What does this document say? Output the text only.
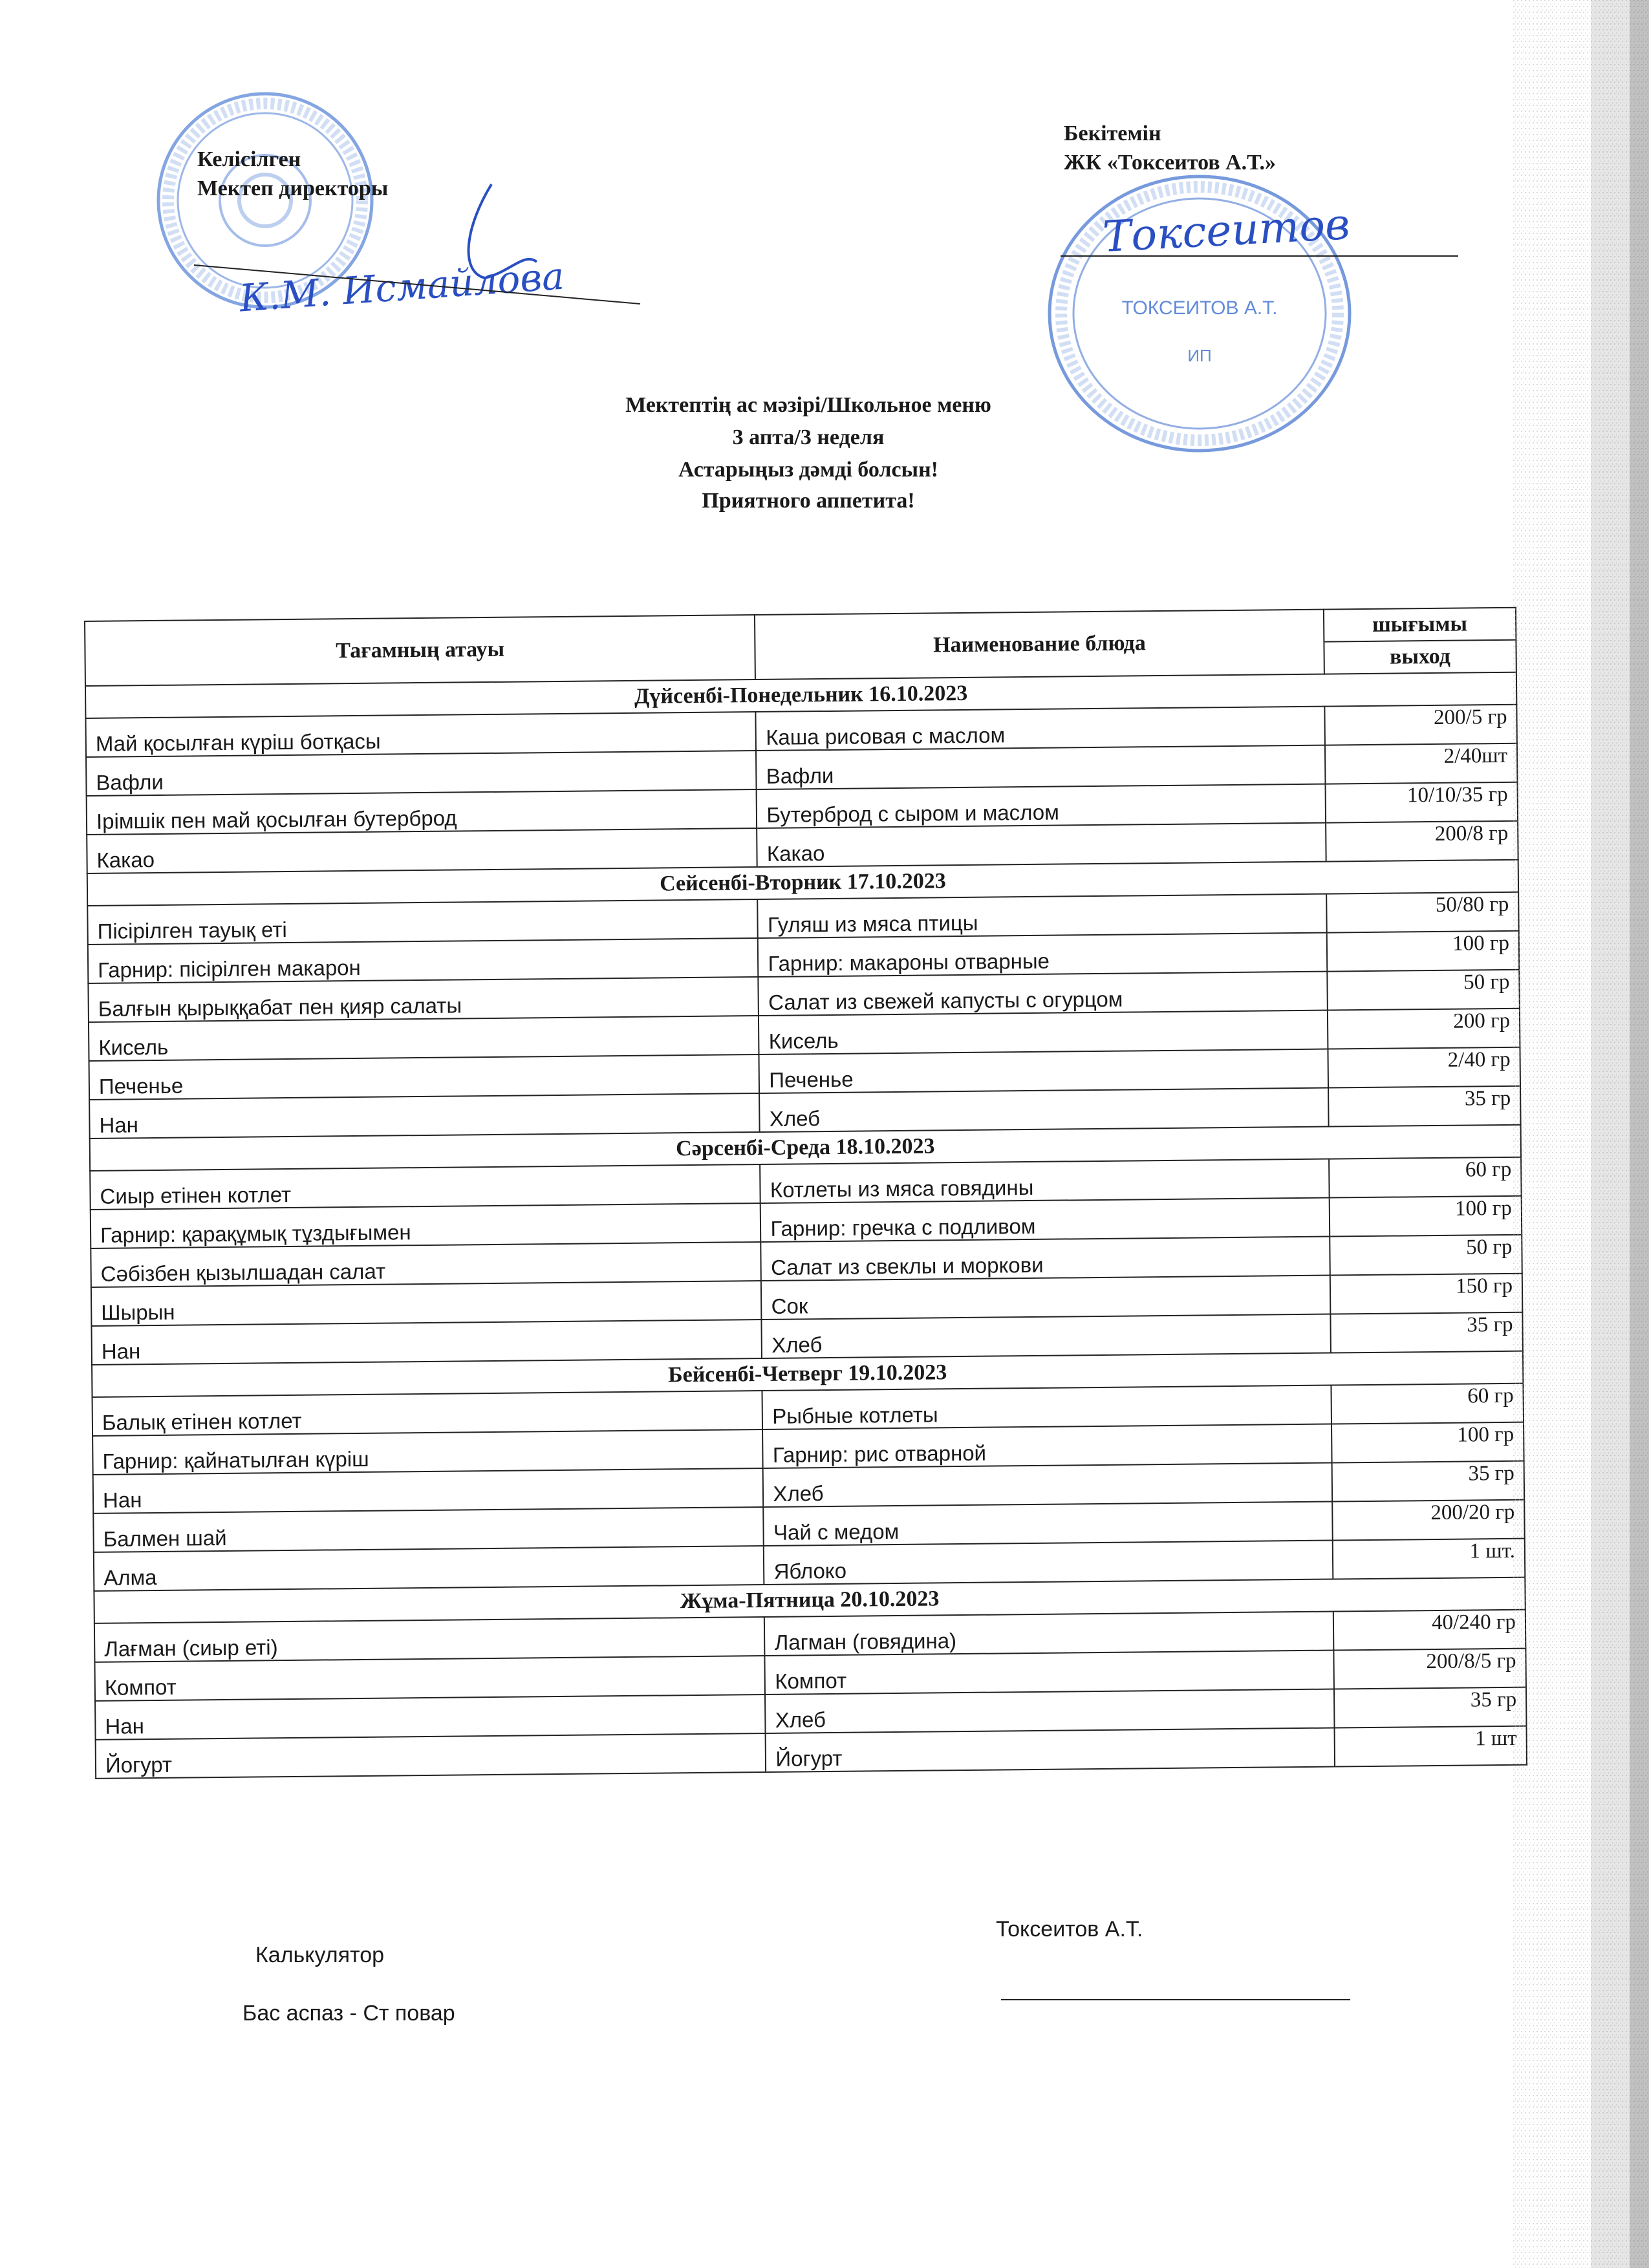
ТОКСЕИТОВ А.Т.
ИП
Келісілген
Мектеп директоры
К.М. Исмайлова
Бекітемін
ЖК «Токсеитов А.Т.»
Токсеитов
Мектептің ас мәзірі/Школьное меню
3 апта/3 неделя
Астарыңыз дәмді болсын!
Приятного аппетита!
Тағамның атауы	Наименование блюда	шығымы
выход

Дүйсенбі-Понедельник 16.10.2023		
Май қосылған күріш ботқасы	Каша рисовая с маслом	200/5 гр
Вафли	Вафли	2/40шт
Ірімшік пен май қосылған бутерброд	Бутерброд с сыром и маслом	10/10/35 гр
Какао	Какао	200/8 гр
Сейсенбі-Вторник 17.10.2023		
Пісірілген тауық еті	Гуляш из мяса птицы	50/80 гр
Гарнир: пісірілген макарон	Гарнир: макароны отварные	100 гр
Балғын қырыққабат пен қияр салаты	Салат из свежей капусты с огурцом	50 гр
Кисель	Кисель	200 гр
Печенье	Печенье	2/40 гр
Нан	Хлеб	35 гр
Сәрсенбі-Среда 18.10.2023		
Сиыр етінен котлет	Котлеты из мяса говядины	60 гр
Гарнир: қарақұмық тұздығымен	Гарнир: гречка с подливом	100 гр
Сәбізбен қызылшадан салат	Салат из свеклы и моркови	50 гр
Шырын	Сок	150 гр
Нан	Хлеб	35 гр
Бейсенбі-Четверг 19.10.2023		
Балық етінен котлет	Рыбные котлеты	60 гр
Гарнир: қайнатылған күріш	Гарнир: рис отварной	100 гр
Нан	Хлеб	35 гр
Балмен шай	Чай с медом	200/20 гр
Алма	Яблоко	1 шт.
Жұма-Пятница 20.10.2023		
Лағман (сиыр еті)	Лагман (говядина)	40/240 гр
Компот	Компот	200/8/5 гр
Нан	Хлеб	35 гр
Йогурт	Йогурт	1 шт
Калькулятор
Бас аспаз - Ст повар
Токсеитов А.Т.
